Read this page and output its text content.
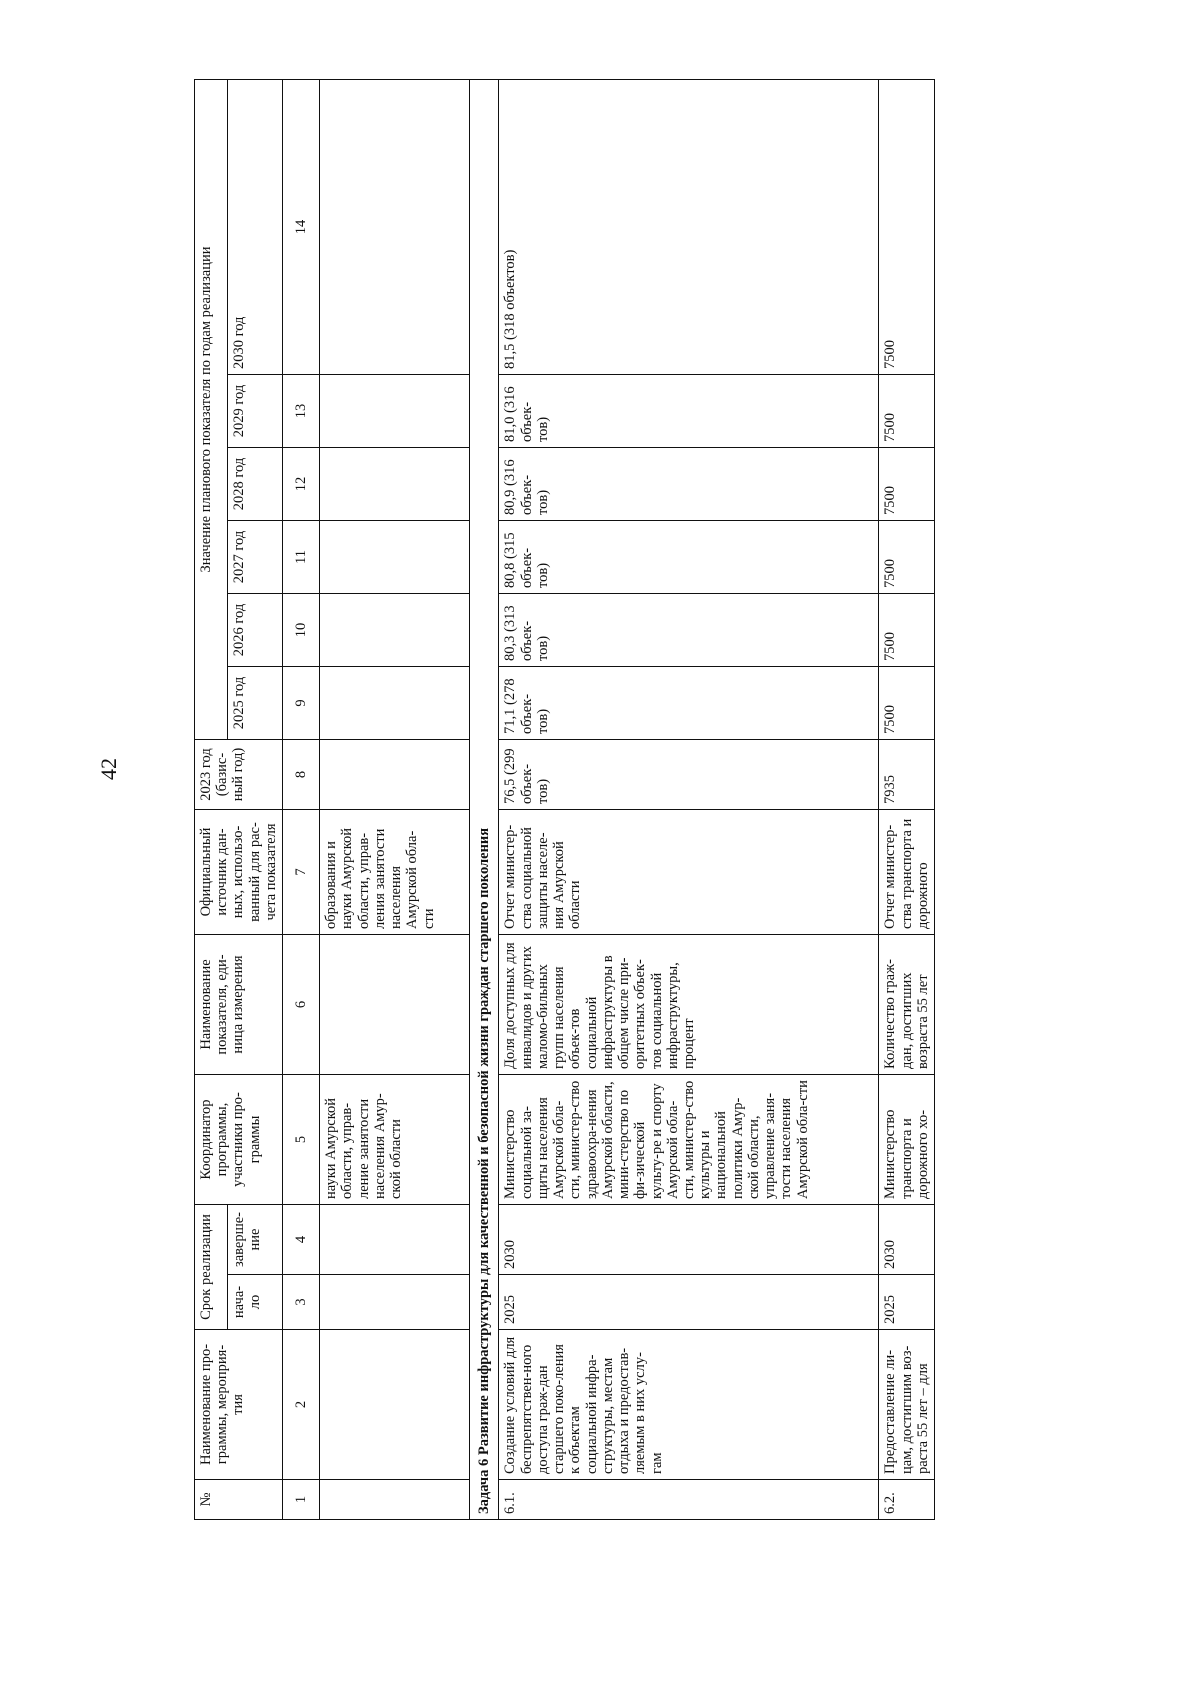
42
№	Наименование про-граммы, мероприя-тия	Срок реализации		Координатор программы, участники про-граммы	Наименование показателя, еди-ница измерения	Официальный источник дан-ных, использо-ванный для рас-чета показателя	2023 год (базис-ный год)	Значение планового показателя по годам реализации					
		нача-ло	заверше-ние					2025 год	2026 год	2027 год	2028 год	2029 год	2030 год
1	2	3	4	5	6	7	8	9	10	11	12	13	14
				науки Амурской области, управ-ление занятости населения Амур-ской области		образования и науки Амурской области, управ-ления занятости населения Амурской обла-сти							
Задача 6 Развитие инфраструктуры для качественной и безопасной жизни граждан старшего поколения													
6.1.	Создание условий для беспрепятствен-ного доступа граж-дан старшего поко-ления к объектам социальной инфра-структуры, местам отдыха и предостав-ляемым в них услу-гам	2025	2030	Министерство социальной за-щиты населения Амурской обла-сти, министер-ство здравоохра-нения Амурской области, мини-стерство по фи-зической культу-ре и спорту Амурской обла-сти, министер-ство культуры и национальной политики Амур-ской области, управление заня-тости населения Амурской обла-сти	Доля доступных для инвалидов и других маломо-бильных групп населения объек-тов социальной инфраструктуры в общем числе при-оритетных объек-тов социальной инфраструктуры, процент	Отчет министер-ства социальной защиты населе-ния Амурской области	76,5 (299 объек-тов)	71,1 (278 объек-тов)	80,3 (313 объек-тов)	80,8 (315 объек-тов)	80,9 (316 объек-тов)	81,0 (316 объек-тов)	81,5 (318 объектов)
6.2.	Предоставление ли-цам, достигшим воз-раста 55 лет – для	2025	2030	Министерство транспорта и дорожного хо-	Количество граж-дан, достигших возраста 55 лет	Отчет министер-ства транспорта и дорожного	7935	7500	7500	7500	7500	7500	7500
